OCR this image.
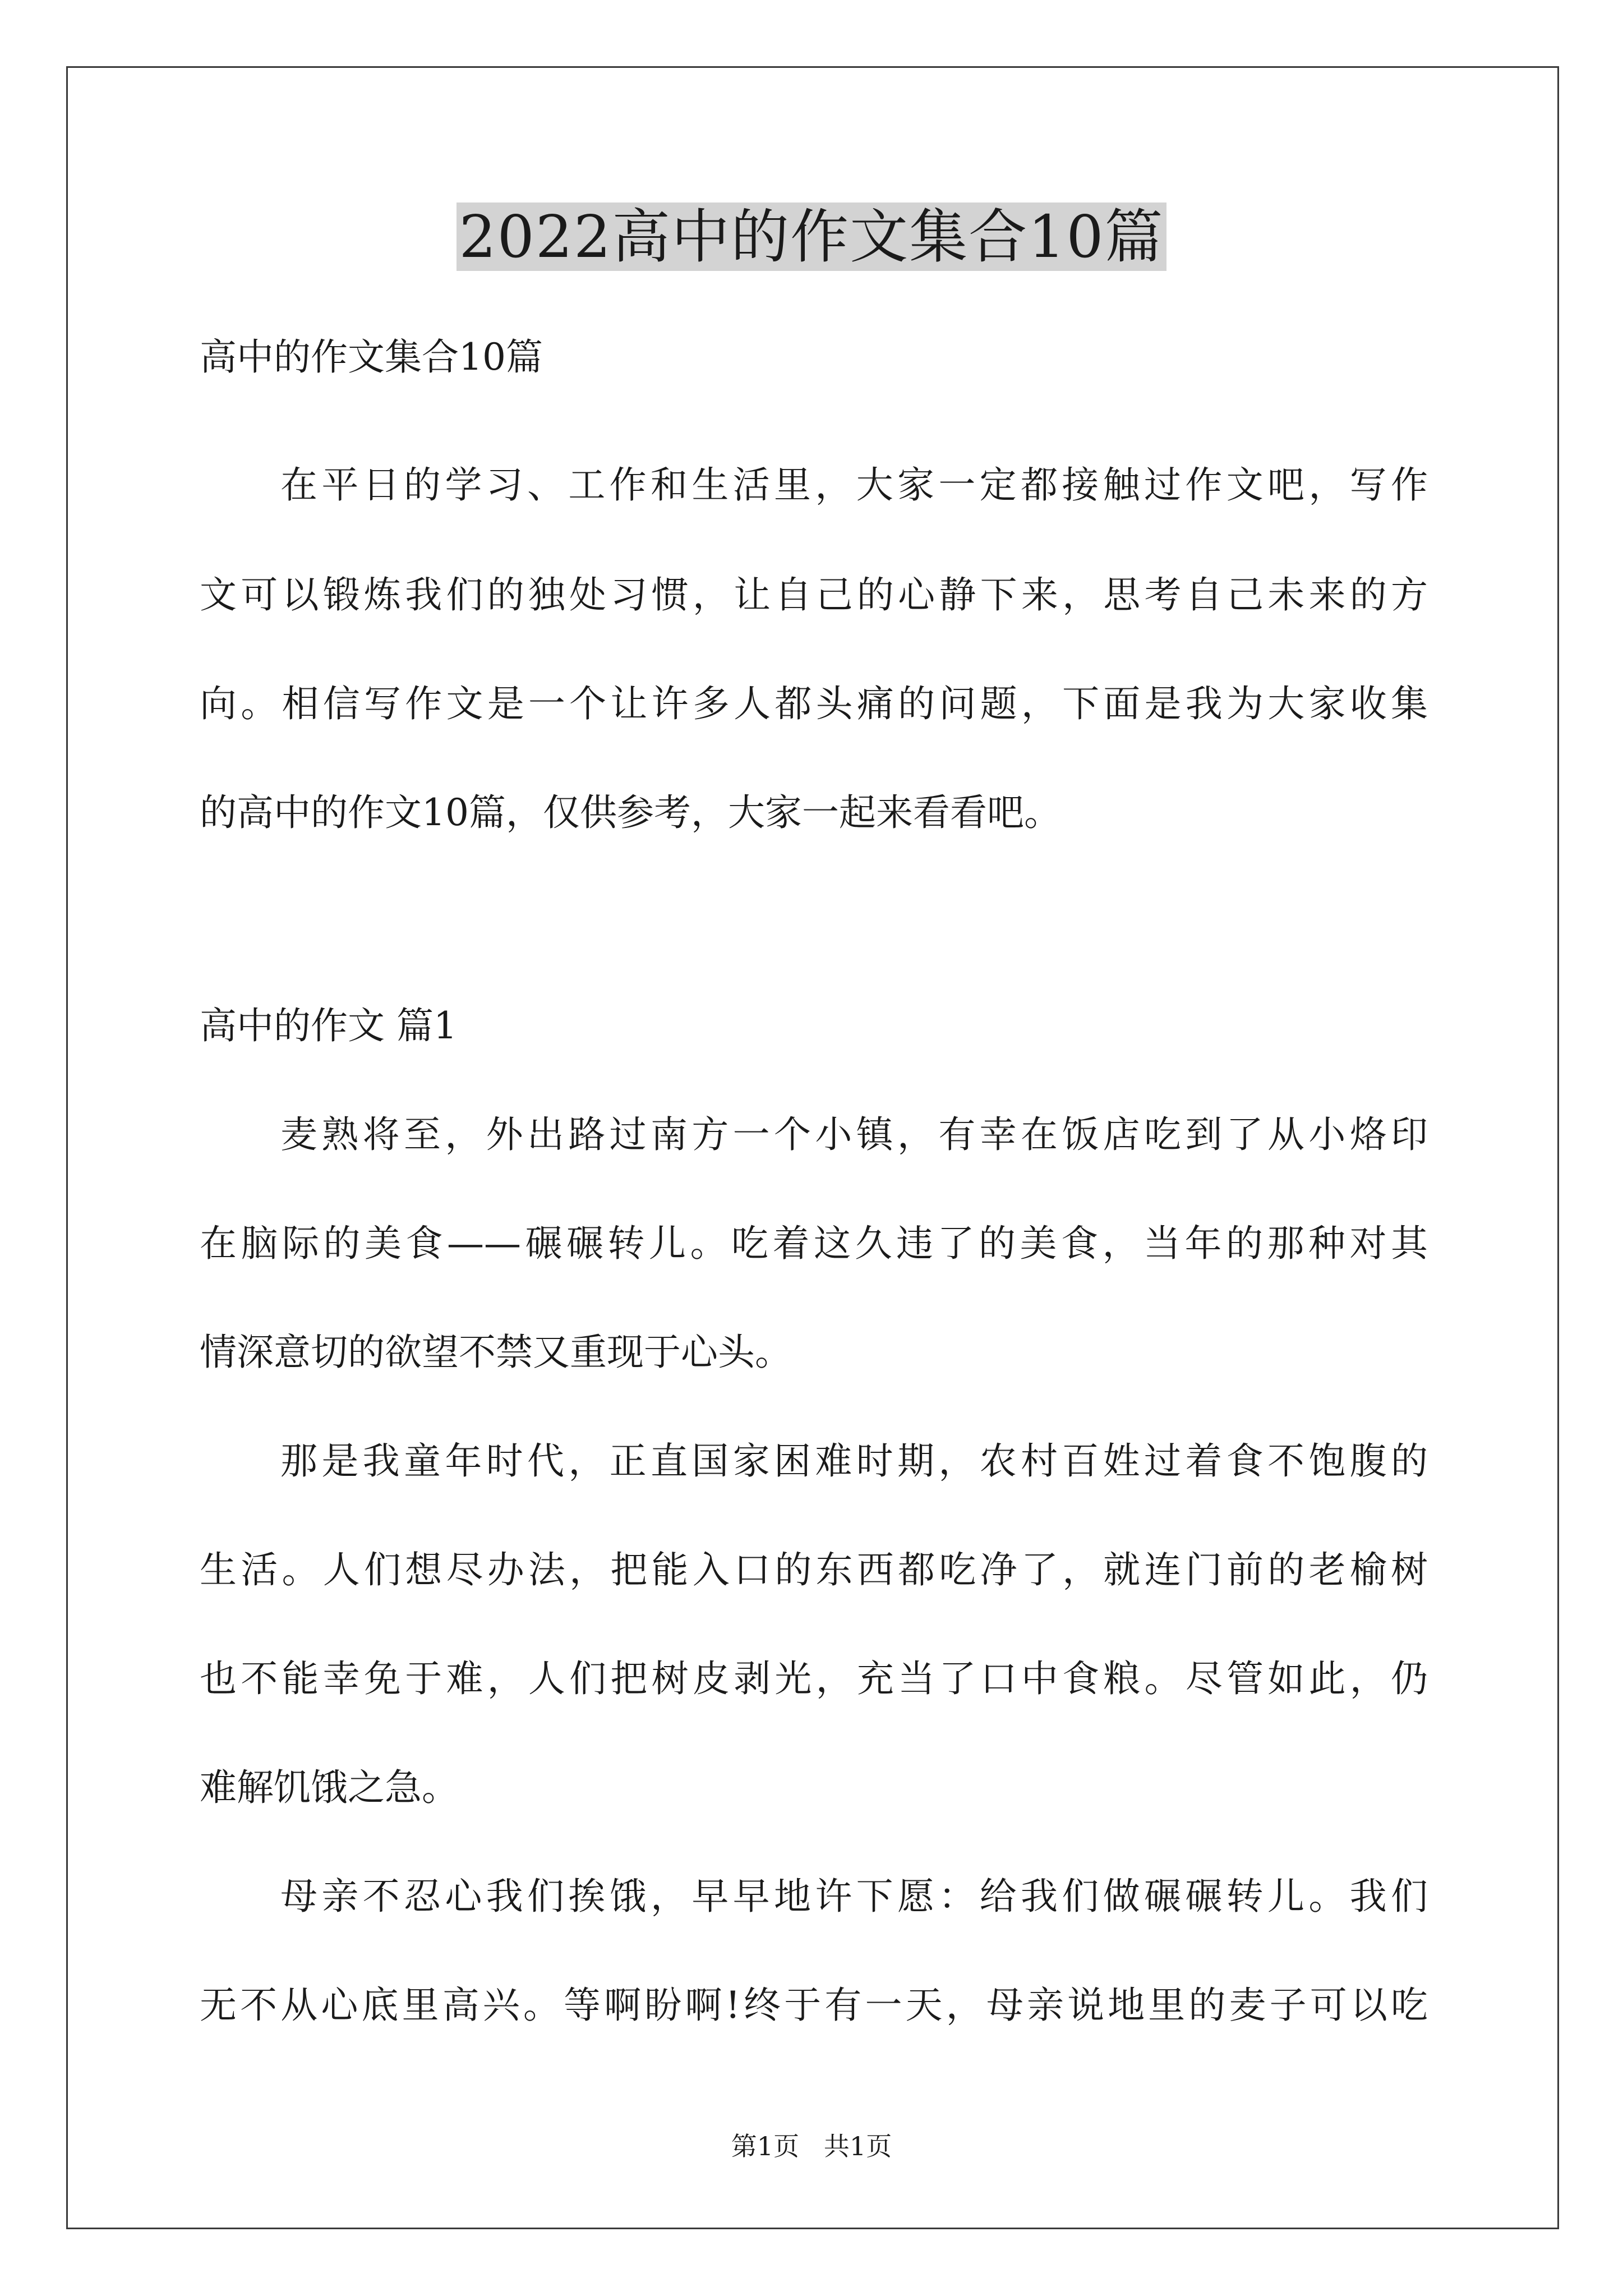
2022高中的作文集合10篇
高中的作文集合10篇
在平日的学习、工作和生活里，大家一定都接触过作文吧，写作
文可以锻炼我们的独处习惯，让自己的心静下来，思考自己未来的方
向。相信写作文是一个让许多人都头痛的问题，下面是我为大家收集
的高中的作文10篇，仅供参考，大家一起来看看吧。
高中的作文 篇1
麦熟将至，外出路过南方一个小镇，有幸在饭店吃到了从小烙印
在脑际的美食——碾碾转儿。吃着这久违了的美食，当年的那种对其
情深意切的欲望不禁又重现于心头。
那是我童年时代，正直国家困难时期，农村百姓过着食不饱腹的
生活。人们想尽办法，把能入口的东西都吃净了，就连门前的老榆树
也不能幸免于难，人们把树皮剥光，充当了口中食粮。尽管如此，仍
难解饥饿之急。
母亲不忍心我们挨饿，早早地许下愿：给我们做碾碾转儿。我们
无不从心底里高兴。等啊盼啊!终于有一天，母亲说地里的麦子可以吃
第1页   共1页
